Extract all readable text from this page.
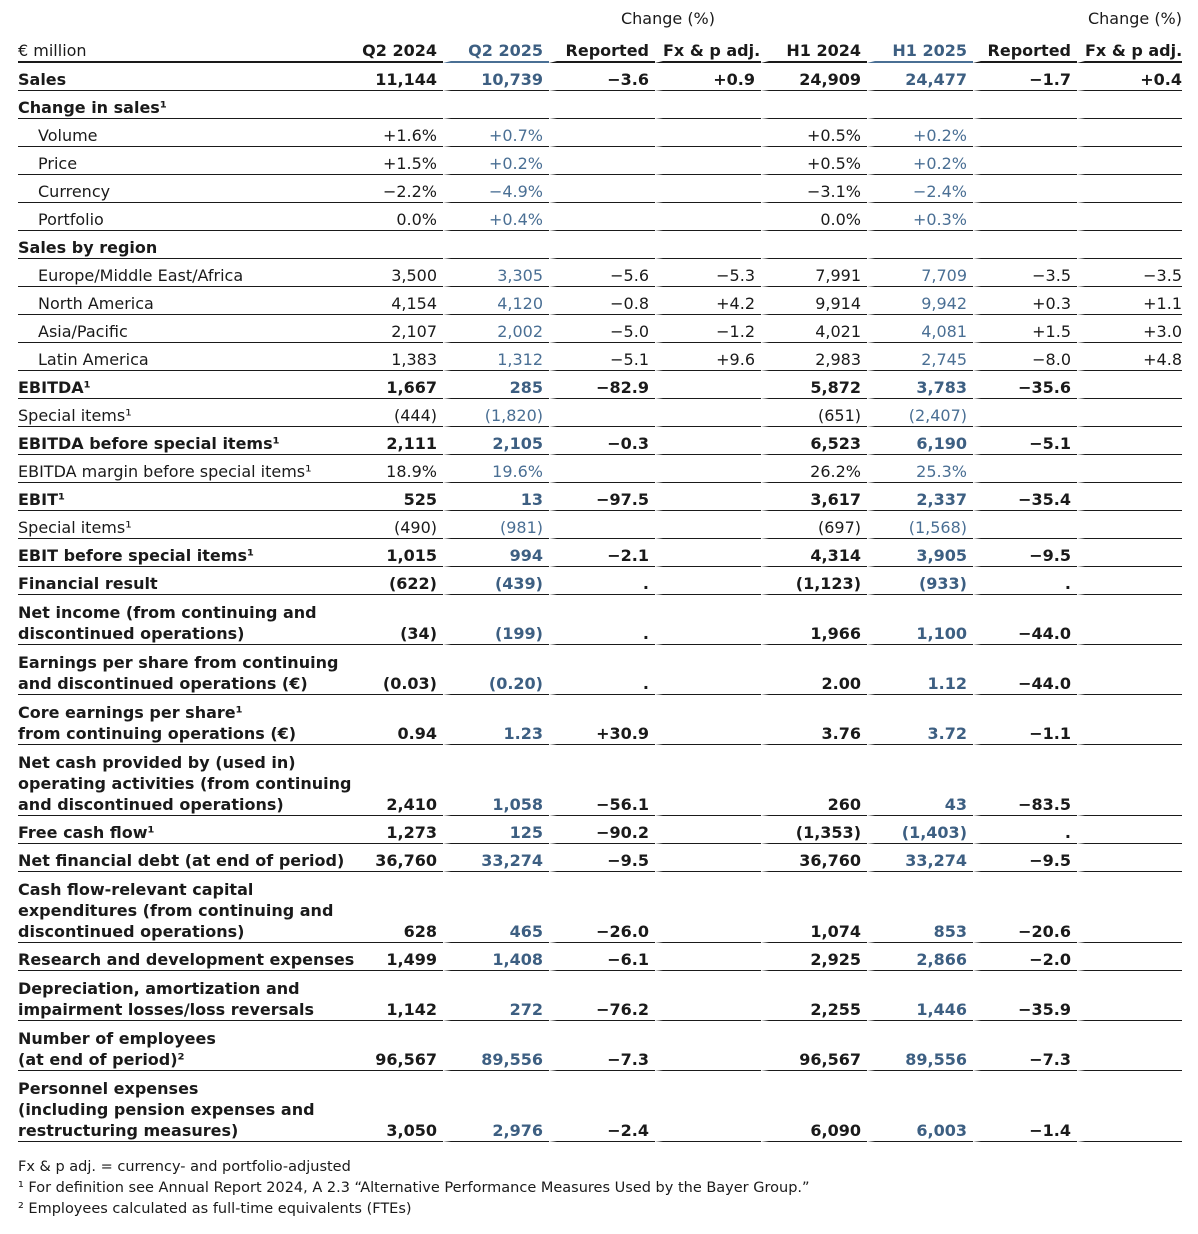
			Change (%)				Change (%)	
€ million	Q2 2024	Q2 2025	Reported	Fx & p adj.	H1 2024	H1 2025	Reported	Fx & p adj.
Sales	11,144	10,739	−3.6	+0.9	24,909	24,477	−1.7	+0.4
Change in sales¹								
Volume	+1.6%	+0.7%			+0.5%	+0.2%		
Price	+1.5%	+0.2%			+0.5%	+0.2%		
Currency	−2.2%	−4.9%			−3.1%	−2.4%		
Portfolio	0.0%	+0.4%			0.0%	+0.3%		
Sales by region								
Europe/Middle East/Africa	3,500	3,305	−5.6	−5.3	7,991	7,709	−3.5	−3.5
North America	4,154	4,120	−0.8	+4.2	9,914	9,942	+0.3	+1.1
Asia/Pacific	2,107	2,002	−5.0	−1.2	4,021	4,081	+1.5	+3.0
Latin America	1,383	1,312	−5.1	+9.6	2,983	2,745	−8.0	+4.8
EBITDA¹	1,667	285	−82.9		5,872	3,783	−35.6	
Special items¹	(444)	(1,820)			(651)	(2,407)		
EBITDA before special items¹	2,111	2,105	−0.3		6,523	6,190	−5.1	
EBITDA margin before special items¹	18.9%	19.6%			26.2%	25.3%		
EBIT¹	525	13	−97.5		3,617	2,337	−35.4	
Special items¹	(490)	(981)			(697)	(1,568)		
EBIT before special items¹	1,015	994	−2.1		4,314	3,905	−9.5	
Financial result	(622)	(439)	.		(1,123)	(933)	.	
Net income (from continuing and
discontinued operations)	(34)	(199)	.		1,966	1,100	−44.0	
Earnings per share from continuing
and discontinued operations (€)	(0.03)	(0.20)	.		2.00	1.12	−44.0	
Core earnings per share¹
from continuing operations (€)	0.94	1.23	+30.9		3.76	3.72	−1.1	
Net cash provided by (used in)
operating activities (from continuing
and discontinued operations)	2,410	1,058	−56.1		260	43	−83.5	
Free cash flow¹	1,273	125	−90.2		(1,353)	(1,403)	.	
Net financial debt (at end of period)	36,760	33,274	−9.5		36,760	33,274	−9.5	
Cash flow-relevant capital
expenditures (from continuing and
discontinued operations)	628	465	−26.0		1,074	853	−20.6	
Research and development expenses	1,499	1,408	−6.1		2,925	2,866	−2.0	
Depreciation, amortization and
impairment losses/loss reversals	1,142	272	−76.2		2,255	1,446	−35.9	
Number of employees
(at end of period)²	96,567	89,556	−7.3		96,567	89,556	−7.3	
Personnel expenses
(including pension expenses and
restructuring measures)	3,050	2,976	−2.4		6,090	6,003	−1.4	
Fx & p adj. = currency- and portfolio-adjusted
¹ For definition see Annual Report 2024, A 2.3 “Alternative Performance Measures Used by the Bayer Group.”
² Employees calculated as full-time equivalents (FTEs)
